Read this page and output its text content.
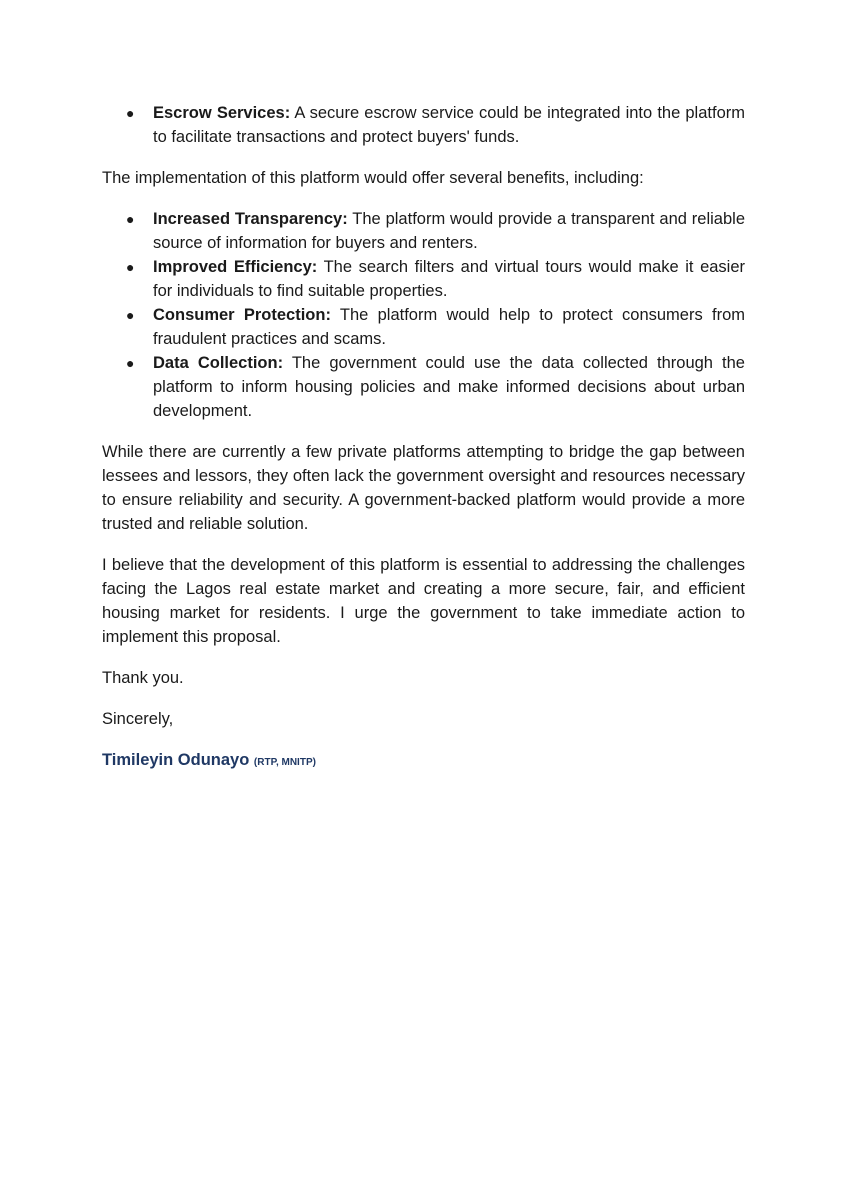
● Escrow Services: A secure escrow service could be integrated into the platform to facilitate transactions and protect buyers' funds.

The implementation of this platform would offer several benefits, including:

● Increased Transparency: The platform would provide a transparent and reliable source of information for buyers and renters.
● Improved Efficiency: The search filters and virtual tours would make it easier for individuals to find suitable properties.
● Consumer Protection: The platform would help to protect consumers from fraudulent practices and scams.
● Data Collection: The government could use the data collected through the platform to inform housing policies and make informed decisions about urban development.

While there are currently a few private platforms attempting to bridge the gap between lessees and lessors, they often lack the government oversight and resources necessary to ensure reliability and security. A government-backed platform would provide a more trusted and reliable solution.

I believe that the development of this platform is essential to addressing the challenges facing the Lagos real estate market and creating a more secure, fair, and efficient housing market for residents. I urge the government to take immediate action to implement this proposal.

Thank you.

Sincerely,

Timileyin Odunayo (RTP, MNITP)
